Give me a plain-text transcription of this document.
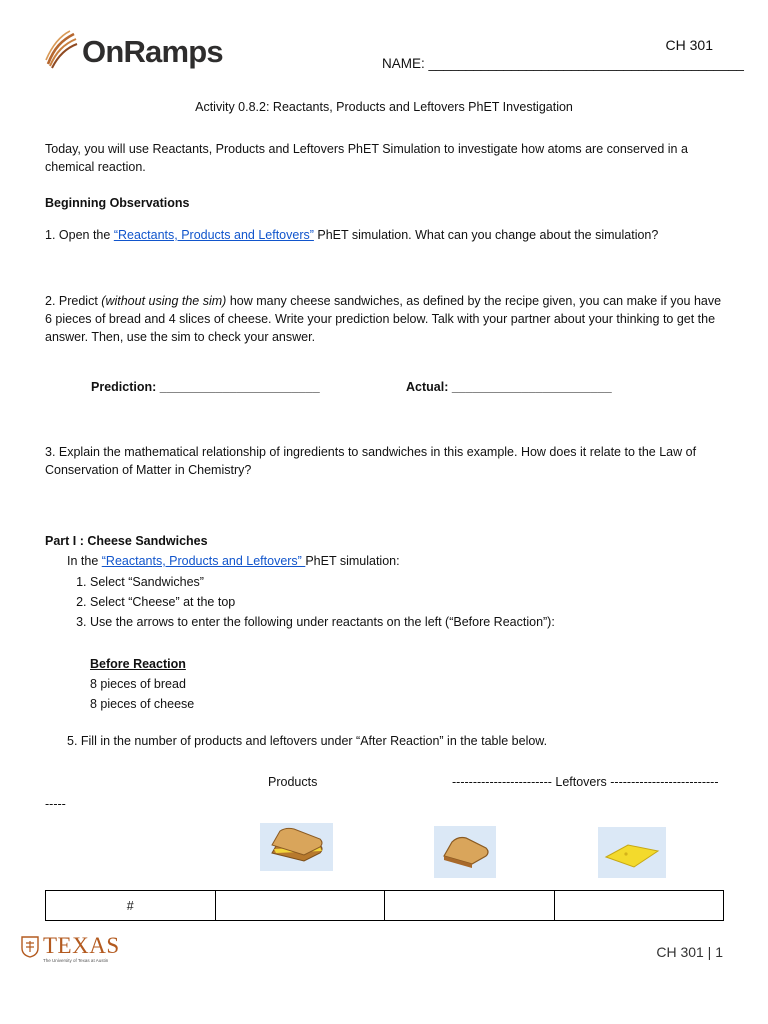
OnRamps	CH 301
NAME: __________________________________________
Activity 0.8.2: Reactants, Products and Leftovers PhET Investigation

Today, you will use Reactants, Products and Leftovers PhET Simulation to investigate how atoms are conserved in a chemical reaction.

Beginning Observations

1. Open the “Reactants, Products and Leftovers” PhET simulation. What can you change about the simulation?

2. Predict (without using the sim) how many cheese sandwiches, as defined by the recipe given, you can make if you have 6 pieces of bread and 4 slices of cheese. Write your prediction below. Talk with your partner about your thinking to get the answer. Then, use the sim to check your answer.

Prediction: _______________________	Actual: _______________________

3. Explain the mathematical relationship of ingredients to sandwiches in this example. How does it relate to the Law of Conservation of Matter in Chemistry?

Part I : Cheese Sandwiches

In the “Reactants, Products and Leftovers” PhET simulation:

1. Select “Sandwiches”
2. Select “Cheese” at the top
3. Use the arrows to enter the following under reactants on the left (“Before Reaction”):
Before Reaction
8 pieces of bread
8 pieces of cheese
5. Fill in the number of products and leftovers under “After Reaction” in the table below.
Products	------------------------ Leftovers --------------------------
-----
#			
TEXAS
The University of Texas at Austin
CH 301 | 1
